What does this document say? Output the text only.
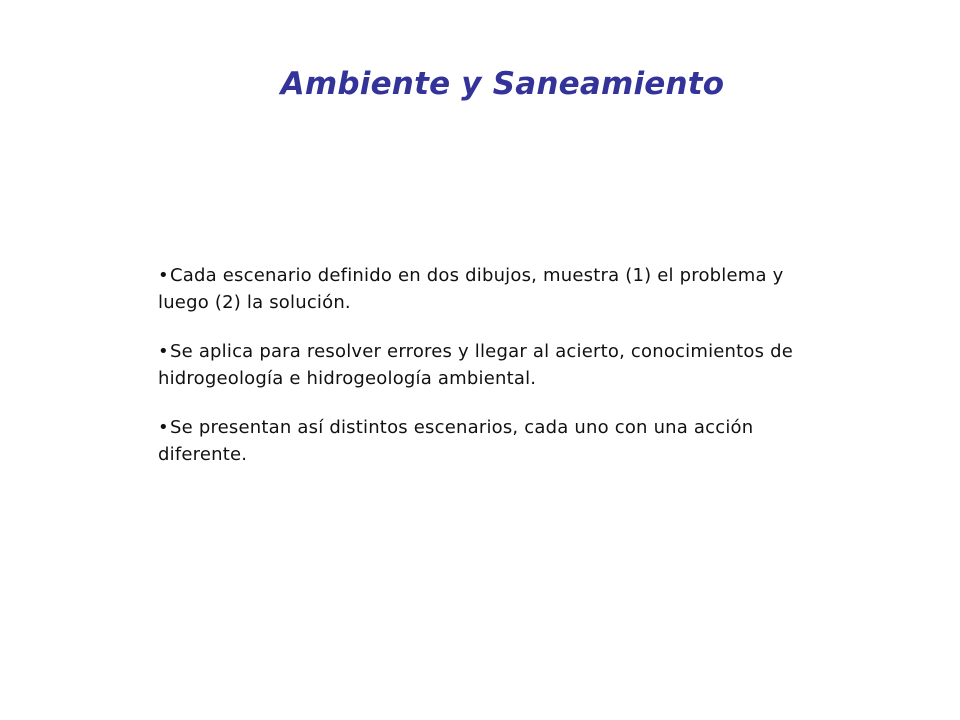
Ambiente y Saneamiento
•Cada escenario definido en dos dibujos, muestra (1) el problema y luego (2) la solución.
•Se aplica para resolver errores y llegar al acierto, conocimientos de hidrogeología e hidrogeología ambiental.
•Se presentan así distintos escenarios, cada uno con una acción diferente.
